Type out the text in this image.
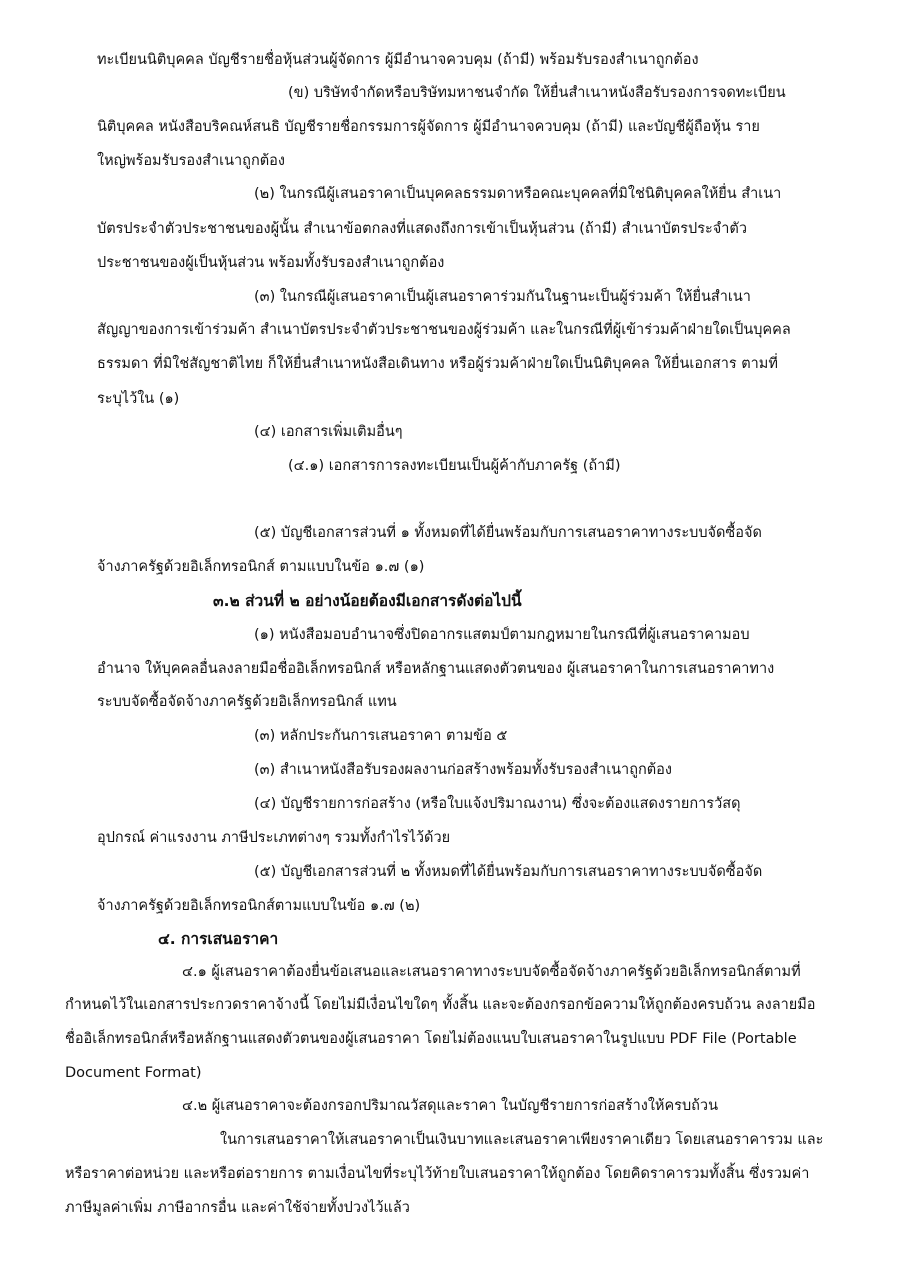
ทะเบียนนิติบุคคล บัญชีรายชื่อหุ้นส่วนผู้จัดการ ผู้มีอำนาจควบคุม (ถ้ามี) พร้อมรับรองสำเนาถูกต้อง
(ข) บริษัทจำกัดหรือบริษัทมหาชนจำกัด ให้ยื่นสำเนาหนังสือรับรองการจดทะเบียน
นิติบุคคล หนังสือบริคณห์สนธิ บัญชีรายชื่อกรรมการผู้จัดการ ผู้มีอำนาจควบคุม (ถ้ามี) และบัญชีผู้ถือหุ้น ราย
ใหญ่พร้อมรับรองสำเนาถูกต้อง
(๒) ในกรณีผู้เสนอราคาเป็นบุคคลธรรมดาหรือคณะบุคคลที่มิใช่นิติบุคคลให้ยื่น สำเนา
บัตรประจำตัวประชาชนของผู้นั้น สำเนาข้อตกลงที่แสดงถึงการเข้าเป็นหุ้นส่วน (ถ้ามี) สำเนาบัตรประจำตัว
ประชาชนของผู้เป็นหุ้นส่วน พร้อมทั้งรับรองสำเนาถูกต้อง
(๓) ในกรณีผู้เสนอราคาเป็นผู้เสนอราคาร่วมกันในฐานะเป็นผู้ร่วมค้า ให้ยื่นสำเนา
สัญญาของการเข้าร่วมค้า สำเนาบัตรประจำตัวประชาชนของผู้ร่วมค้า และในกรณีที่ผู้เข้าร่วมค้าฝ่ายใดเป็นบุคคล
ธรรมดา ที่มิใช่สัญชาติไทย ก็ให้ยื่นสำเนาหนังสือเดินทาง หรือผู้ร่วมค้าฝ่ายใดเป็นนิติบุคคล ให้ยื่นเอกสาร ตามที่
ระบุไว้ใน (๑)
(๔) เอกสารเพิ่มเติมอื่นๆ
(๔.๑) เอกสารการลงทะเบียนเป็นผู้ค้ากับภาครัฐ (ถ้ามี)
(๕) บัญชีเอกสารส่วนที่ ๑ ทั้งหมดที่ได้ยื่นพร้อมกับการเสนอราคาทางระบบจัดซื้อจัด
จ้างภาครัฐด้วยอิเล็กทรอนิกส์ ตามแบบในข้อ ๑.๗ (๑)
๓.๒ ส่วนที่ ๒ อย่างน้อยต้องมีเอกสารดังต่อไปนี้
(๑) หนังสือมอบอำนาจซึ่งปิดอากรแสตมป์ตามกฎหมายในกรณีที่ผู้เสนอราคามอบ
อำนาจ ให้บุคคลอื่นลงลายมือชื่ออิเล็กทรอนิกส์ หรือหลักฐานแสดงตัวตนของ ผู้เสนอราคาในการเสนอราคาทาง
ระบบจัดซื้อจัดจ้างภาครัฐด้วยอิเล็กทรอนิกส์ แทน
(๓) หลักประกันการเสนอราคา ตามข้อ ๕
(๓) สำเนาหนังสือรับรองผลงานก่อสร้างพร้อมทั้งรับรองสำเนาถูกต้อง
(๔) บัญชีรายการก่อสร้าง (หรือใบแจ้งปริมาณงาน) ซึ่งจะต้องแสดงรายการวัสดุ
อุปกรณ์ ค่าแรงงาน ภาษีประเภทต่างๆ รวมทั้งกำไรไว้ด้วย
(๕) บัญชีเอกสารส่วนที่ ๒ ทั้งหมดที่ได้ยื่นพร้อมกับการเสนอราคาทางระบบจัดซื้อจัด
จ้างภาครัฐด้วยอิเล็กทรอนิกส์ตามแบบในข้อ ๑.๗ (๒)
๔. การเสนอราคา
๔.๑ ผู้เสนอราคาต้องยื่นข้อเสนอและเสนอราคาทางระบบจัดซื้อจัดจ้างภาครัฐด้วยอิเล็กทรอนิกส์ตามที่
กำหนดไว้ในเอกสารประกวดราคาจ้างนี้ โดยไม่มีเงื่อนไขใดๆ ทั้งสิ้น และจะต้องกรอกข้อความให้ถูกต้องครบถ้วน ลงลายมือ
ชื่ออิเล็กทรอนิกส์หรือหลักฐานแสดงตัวตนของผู้เสนอราคา โดยไม่ต้องแนบใบเสนอราคาในรูปแบบ PDF File (Portable
Document Format)
๔.๒ ผู้เสนอราคาจะต้องกรอกปริมาณวัสดุและราคา ในบัญชีรายการก่อสร้างให้ครบถ้วน
ในการเสนอราคาให้เสนอราคาเป็นเงินบาทและเสนอราคาเพียงราคาเดียว โดยเสนอราคารวม และ
หรือราคาต่อหน่วย และหรือต่อรายการ ตามเงื่อนไขที่ระบุไว้ท้ายใบเสนอราคาให้ถูกต้อง โดยคิดราคารวมทั้งสิ้น ซึ่งรวมค่า
ภาษีมูลค่าเพิ่ม ภาษีอากรอื่น และค่าใช้จ่ายทั้งปวงไว้แล้ว
